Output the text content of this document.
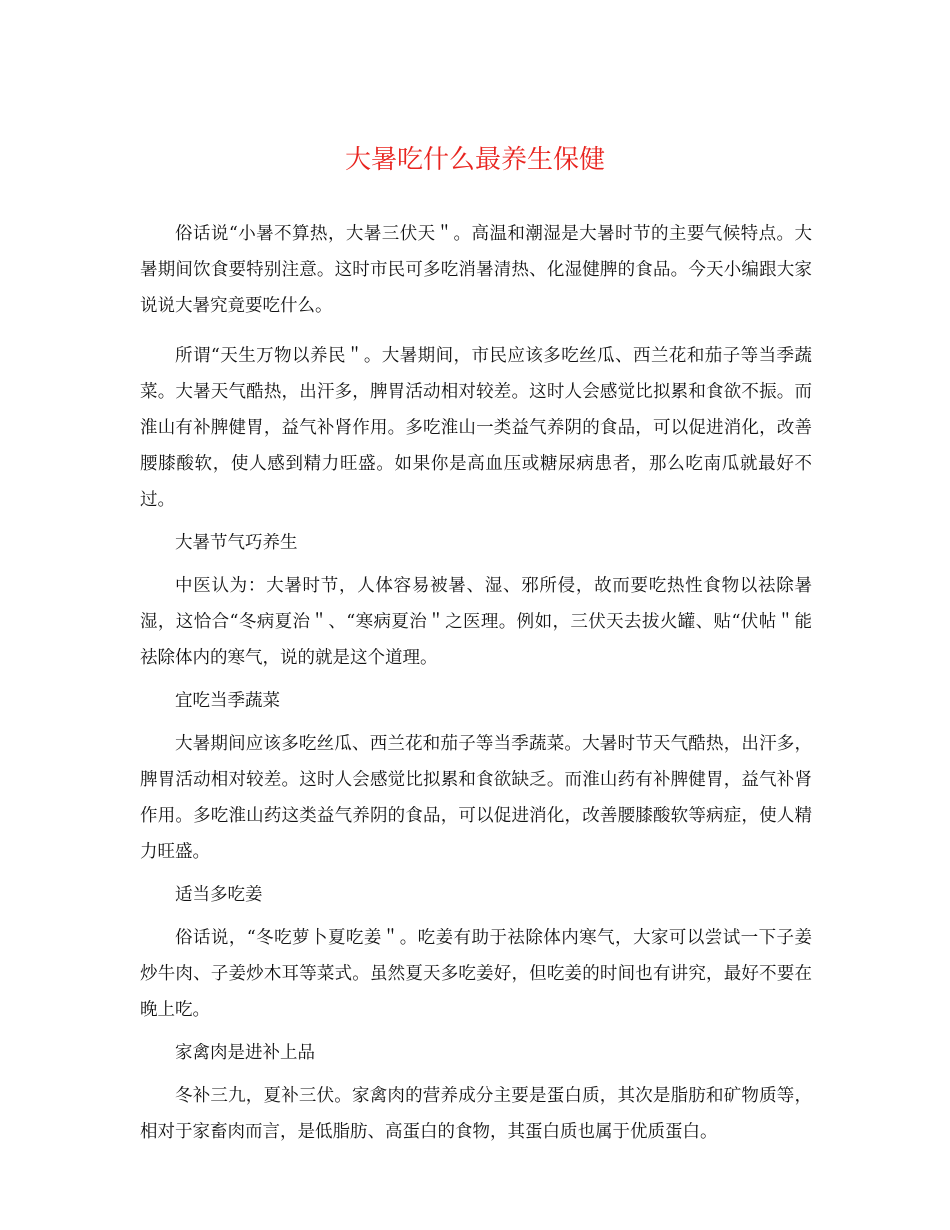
大暑吃什么最养生保健

俗话说“小暑不算热，大暑三伏天＂。高温和潮湿是大暑时节的主要气候特点。大暑期间饮食要特别注意。这时市民可多吃消暑清热、化湿健脾的食品。今天小编跟大家说说大暑究竟要吃什么。

所谓“天生万物以养民＂。大暑期间，市民应该多吃丝瓜、西兰花和茄子等当季蔬菜。大暑天气酷热，出汗多，脾胃活动相对较差。这时人会感觉比拟累和食欲不振。而淮山有补脾健胃，益气补肾作用。多吃淮山一类益气养阴的食品，可以促进消化，改善腰膝酸软，使人感到精力旺盛。如果你是高血压或糖尿病患者，那么吃南瓜就最好不过。

大暑节气巧养生

中医认为：大暑时节，人体容易被暑、湿、邪所侵，故而要吃热性食物以祛除暑湿，这恰合“冬病夏治＂、“寒病夏治＂之医理。例如，三伏天去拔火罐、贴“伏帖＂能祛除体内的寒气，说的就是这个道理。

宜吃当季蔬菜

大暑期间应该多吃丝瓜、西兰花和茄子等当季蔬菜。大暑时节天气酷热，出汗多，脾胃活动相对较差。这时人会感觉比拟累和食欲缺乏。而淮山药有补脾健胃，益气补肾作用。多吃淮山药这类益气养阴的食品，可以促进消化，改善腰膝酸软等病症，使人精力旺盛。

适当多吃姜

俗话说，“冬吃萝卜夏吃姜＂。吃姜有助于祛除体内寒气，大家可以尝试一下子姜炒牛肉、子姜炒木耳等菜式。虽然夏天多吃姜好，但吃姜的时间也有讲究，最好不要在晚上吃。

家禽肉是进补上品

冬补三九，夏补三伏。家禽肉的营养成分主要是蛋白质，其次是脂肪和矿物质等，相对于家畜肉而言，是低脂肪、高蛋白的食物，其蛋白质也属于优质蛋白。
